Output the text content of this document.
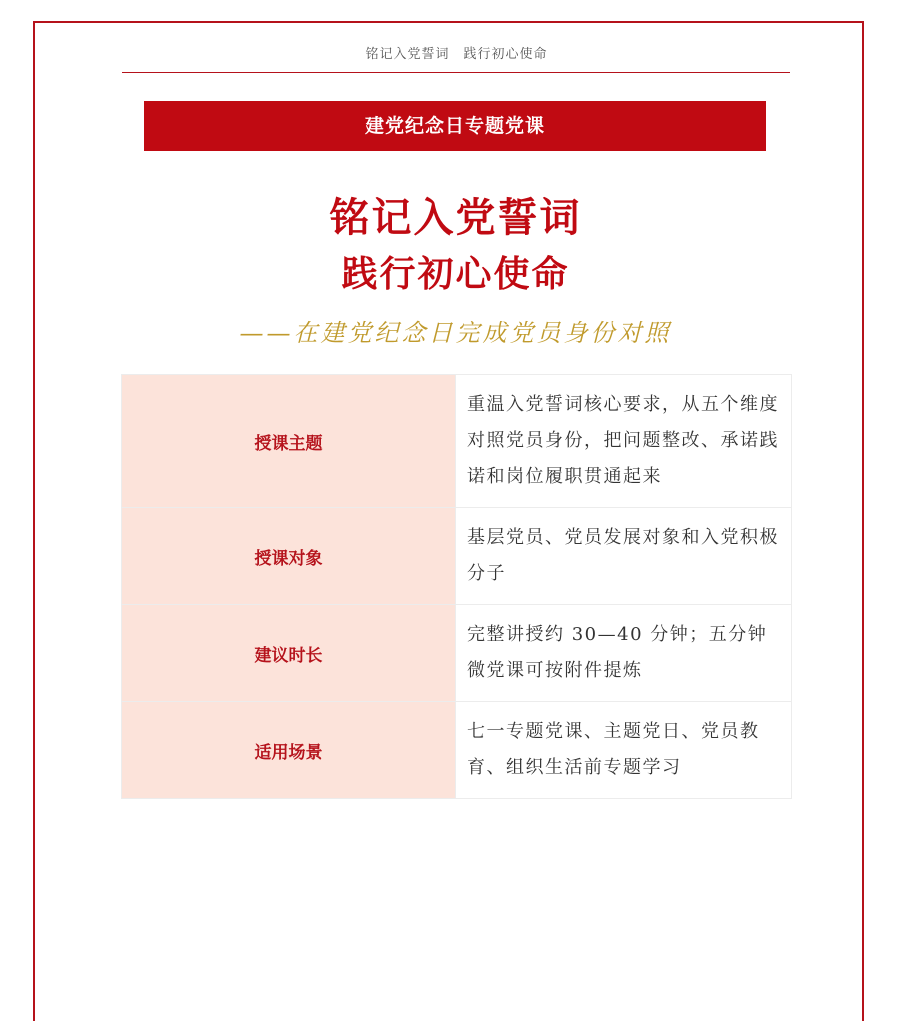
铭记入党誓词　践行初心使命
建党纪念日专题党课
铭记入党誓词
践行初心使命
——在建党纪念日完成党员身份对照
授课主题	重温入党誓词核心要求，从五个维度对照党员身份，把问题整改、承诺践诺和岗位履职贯通起来
授课对象	基层党员、党员发展对象和入党积极分子
建议时长	完整讲授约 30—40 分钟；五分钟微党课可按附件提炼
适用场景	七一专题党课、主题党日、党员教育、组织生活前专题学习
